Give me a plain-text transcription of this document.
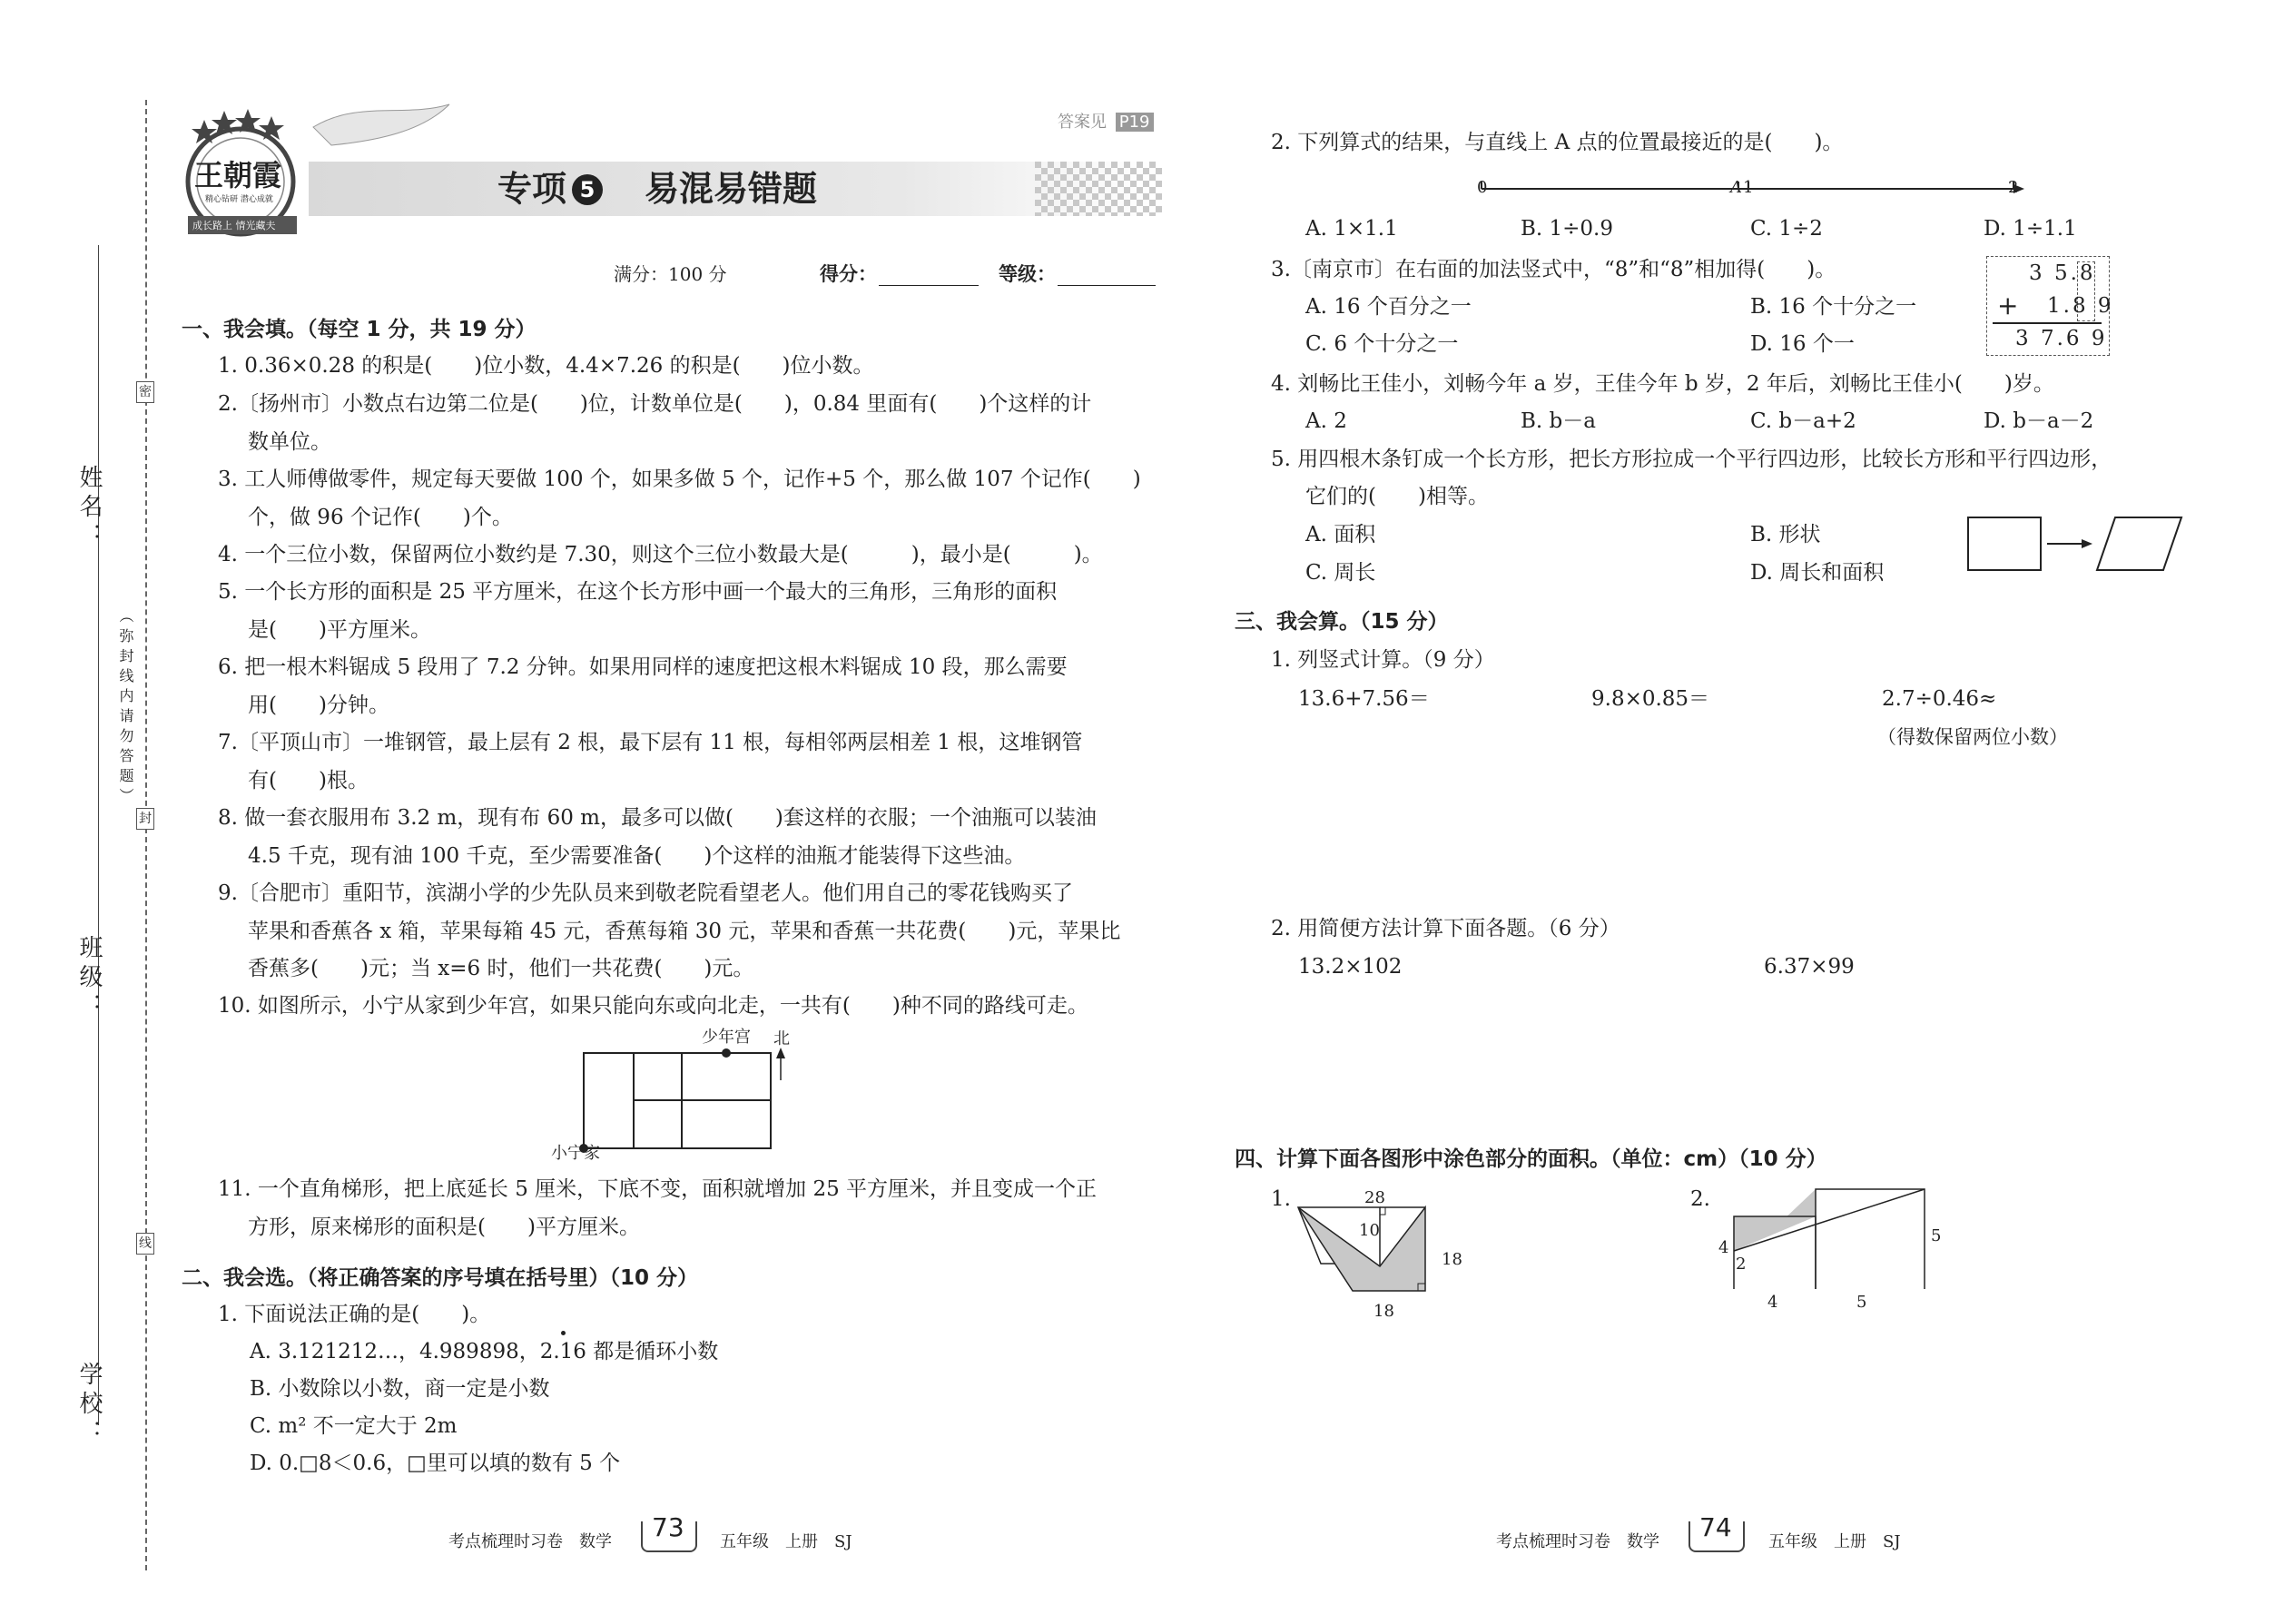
密
封
线
（弥封线内请勿答题）
姓名：
班级：
学校：
王朝霞
精心钻研 潜心成就
成长路上 情光藏夫
答案见 P19
专项 5 易混易错题
满分：100 分	得分：	等级：
一、我会填。（每空 1 分，共 19 分）
1. 0.36×0.28 的积是(　　)位小数，4.4×7.26 的积是(　　)位小数。
2.〔扬州市〕小数点右边第二位是(　　)位，计数单位是(　　)，0.84 里面有(　　)个这样的计
数单位。
3. 工人师傅做零件，规定每天要做 100 个，如果多做 5 个，记作+5 个，那么做 107 个记作(　　)
个，做 96 个记作(　　)个。
4. 一个三位小数，保留两位小数约是 7.30，则这个三位小数最大是(　　　)，最小是(　　　)。
5. 一个长方形的面积是 25 平方厘米，在这个长方形中画一个最大的三角形，三角形的面积
是(　　)平方厘米。
6. 把一根木料锯成 5 段用了 7.2 分钟。如果用同样的速度把这根木料锯成 10 段，那么需要
用(　　)分钟。
7.〔平顶山市〕一堆钢管，最上层有 2 根，最下层有 11 根，每相邻两层相差 1 根，这堆钢管
有(　　)根。
8. 做一套衣服用布 3.2 m，现有布 60 m，最多可以做(　　)套这样的衣服；一个油瓶可以装油
4.5 千克，现有油 100 千克，至少需要准备(　　)个这样的油瓶才能装得下这些油。
9.〔合肥市〕重阳节，滨湖小学的少先队员来到敬老院看望老人。他们用自己的零花钱购买了
苹果和香蕉各 x 箱，苹果每箱 45 元，香蕉每箱 30 元，苹果和香蕉一共花费(　　)元，苹果比
香蕉多(　　)元；当 x=6 时，他们一共花费(　　)元。
10. 如图所示，小宁从家到少年宫，如果只能向东或向北走，一共有(　　)种不同的路线可走。
少年宫 北
小宁家
11. 一个直角梯形，把上底延长 5 厘米，下底不变，面积就增加 25 平方厘米，并且变成一个正
方形，原来梯形的面积是(　　)平方厘米。
二、我会选。（将正确答案的序号填在括号里）（10 分）
1. 下面说法正确的是(　　)。
A. 3.121212…，4.989898，2.16 都是循环小数
B. 小数除以小数，商一定是小数
C. m² 不一定大于 2m
D. 0.□8＜0.6，□里可以填的数有 5 个
考点梳理时习卷　数学 73 五年级　上册　SJ
2. 下列算式的结果，与直线上 A 点的位置最接近的是(　　)。
0	A 1	2
A. 1×1.1	B. 1÷0.9	C. 1÷2	D. 1÷1.1
3.〔南京市〕在右面的加法竖式中，“8”和“8”相加得(　　)。
A. 16 个百分之一	B. 16 个十分之一
C. 6 个十分之一	D. 16 个一
3 5.8
+ 1.8 9
3 7.6 9
4. 刘畅比王佳小，刘畅今年 a 岁，王佳今年 b 岁，2 年后，刘畅比王佳小(　　)岁。
A. 2	B. b－a	C. b－a+2	D. b－a－2
5. 用四根木条钉成一个长方形，把长方形拉成一个平行四边形，比较长方形和平行四边形，
它们的(　　)相等。
A. 面积	B. 形状
C. 周长	D. 周长和面积
三、我会算。（15 分）
1. 列竖式计算。（9 分）
13.6+7.56＝	9.8×0.85＝	2.7÷0.46≈
（得数保留两位小数）
2. 用简便方法计算下面各题。（6 分）
13.2×102	6.37×99
四、计算下面各图形中涂色部分的面积。（单位：cm）（10 分）
1.	28
10
18
18
2.
4
2
5
4	5
考点梳理时习卷　数学 74 五年级　上册　SJ
